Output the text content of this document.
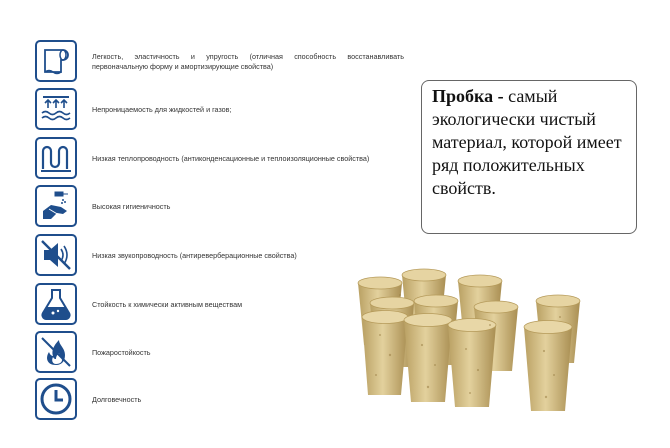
Легкость, эластичность и упругость (отличная способность восстанавливать первоначальную форму и амортизирующие свойства)
Непроницаемость для жидкостей и газов;
Низкая теплопроводность (антиконденсационные и теплоизоляционные свойства)
Высокая гигиеничность
Низкая звукопроводность (антиреверберационные свойства)
Стойкость к химически активным веществам
Пожаростойкость
Долговечность
Пробка - самый экологически чистый материал, которой имеет ряд положительных свойств.
